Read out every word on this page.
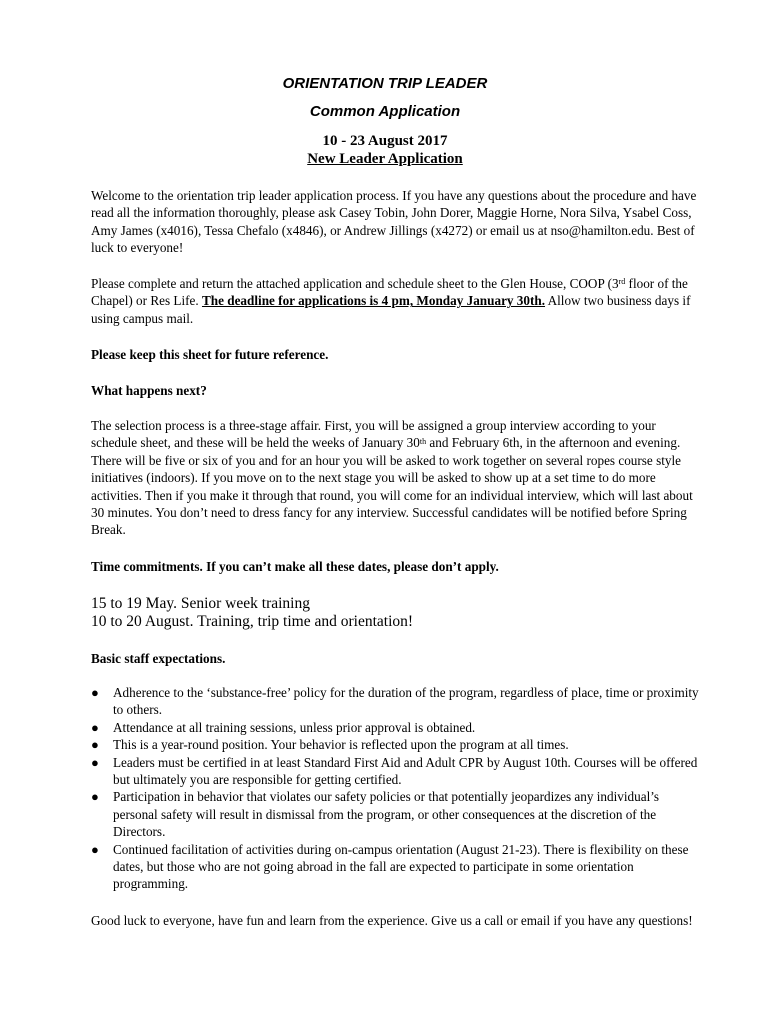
ORIENTATION TRIP LEADER
Common Application
10 - 23 August 2017
New Leader Application
Welcome to the orientation trip leader application process. If you have any questions about the procedure and have read all the information thoroughly, please ask Casey Tobin, John Dorer, Maggie Horne, Nora Silva, Ysabel Coss, Amy James (x4016), Tessa Chefalo (x4846), or Andrew Jillings (x4272) or email us at nso@hamilton.edu. Best of luck to everyone!
Please complete and return the attached application and schedule sheet to the Glen House, COOP (3rd floor of the Chapel) or Res Life. The deadline for applications is 4 pm, Monday January 30th. Allow two business days if using campus mail.
Please keep this sheet for future reference.
What happens next?
The selection process is a three-stage affair. First, you will be assigned a group interview according to your schedule sheet, and these will be held the weeks of January 30th and February 6th, in the afternoon and evening. There will be five or six of you and for an hour you will be asked to work together on several ropes course style initiatives (indoors). If you move on to the next stage you will be asked to show up at a set time to do more activities. Then if you make it through that round, you will come for an individual interview, which will last about 30 minutes. You don’t need to dress fancy for any interview. Successful candidates will be notified before Spring Break.
Time commitments. If you can’t make all these dates, please don’t apply.
15 to 19 May. Senior week training
10 to 20 August. Training, trip time and orientation!
Basic staff expectations.
● Adherence to the ‘substance-free’ policy for the duration of the program, regardless of place, time or proximity to others.
● Attendance at all training sessions, unless prior approval is obtained.
● This is a year-round position. Your behavior is reflected upon the program at all times.
● Leaders must be certified in at least Standard First Aid and Adult CPR by August 10th. Courses will be offered but ultimately you are responsible for getting certified.
● Participation in behavior that violates our safety policies or that potentially jeopardizes any individual’s personal safety will result in dismissal from the program, or other consequences at the discretion of the Directors.
● Continued facilitation of activities during on-campus orientation (August 21-23). There is flexibility on these dates, but those who are not going abroad in the fall are expected to participate in some orientation programming.
Good luck to everyone, have fun and learn from the experience. Give us a call or email if you have any questions!
